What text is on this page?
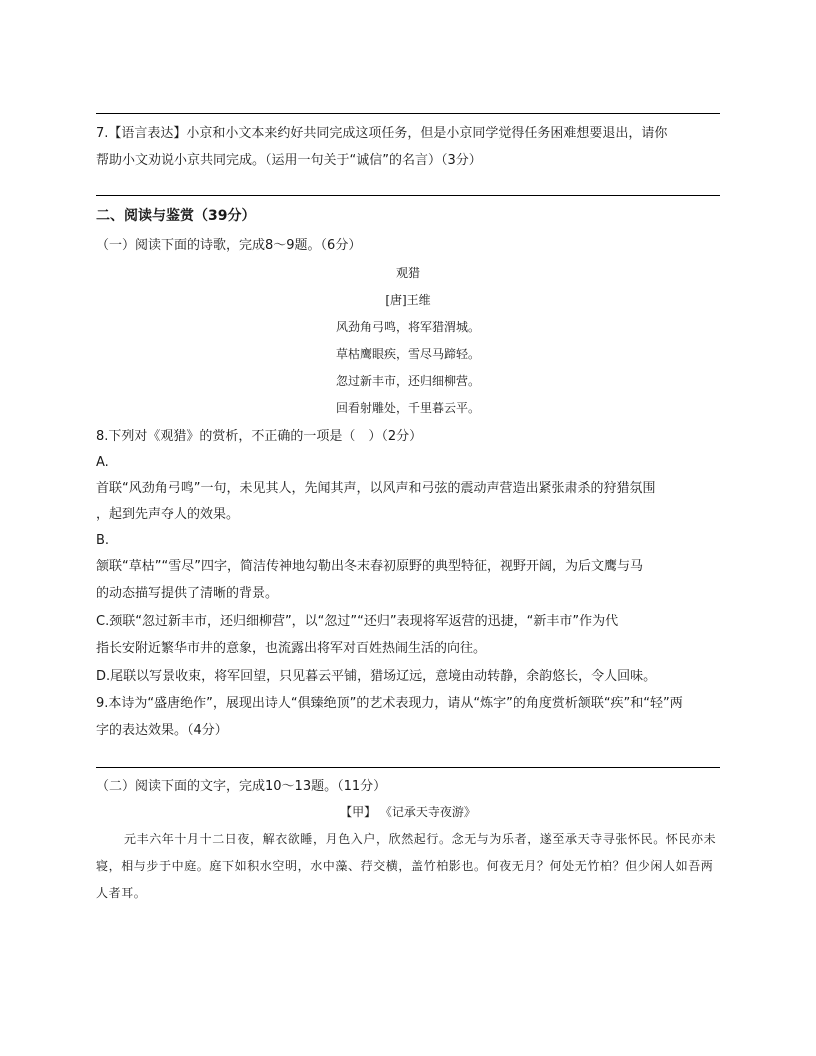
7.【语言表达】小京和小文本来约好共同完成这项任务，但是小京同学觉得任务困难想要退出，请你
帮助小文劝说小京共同完成。（运用一句关于“诚信”的名言）（3分）
二、阅读与鉴赏（39分）
（一）阅读下面的诗歌，完成8～9题。（6分）
观猎
[唐]王维
风劲角弓鸣，将军猎渭城。
草枯鹰眼疾，雪尽马蹄轻。
忽过新丰市，还归细柳营。
回看射雕处，千里暮云平。
8.下列对《观猎》的赏析，不正确的一项是（　）（2分）
A.
首联“风劲角弓鸣”一句，未见其人，先闻其声，以风声和弓弦的震动声营造出紧张肃杀的狩猎氛围
，起到先声夺人的效果。
B.
颔联“草枯”“雪尽”四字，简洁传神地勾勒出冬末春初原野的典型特征，视野开阔，为后文鹰与马
的动态描写提供了清晰的背景。
C.颈联“忽过新丰市，还归细柳营”，以“忽过”“还归”表现将军返营的迅捷，“新丰市”作为代
指长安附近繁华市井的意象，也流露出将军对百姓热闹生活的向往。
D.尾联以写景收束，将军回望，只见暮云平铺，猎场辽远，意境由动转静，余韵悠长，令人回味。
9.本诗为“盛唐绝作”，展现出诗人“俱臻绝顶”的艺术表现力，请从“炼字”的角度赏析颔联“疾”和“轻”两
字的表达效果。（4分）
（二）阅读下面的文字，完成10～13题。（11分）
【甲】 《记承天寺夜游》
元丰六年十月十二日夜，解衣欲睡，月色入户，欣然起行。念无与为乐者，遂至承天寺寻张怀民。怀民亦未寝，相与步于中庭。庭下如积水空明，水中藻、荇交横，盖竹柏影也。何夜无月？何处无竹柏？但少闲人如吾两人者耳。
